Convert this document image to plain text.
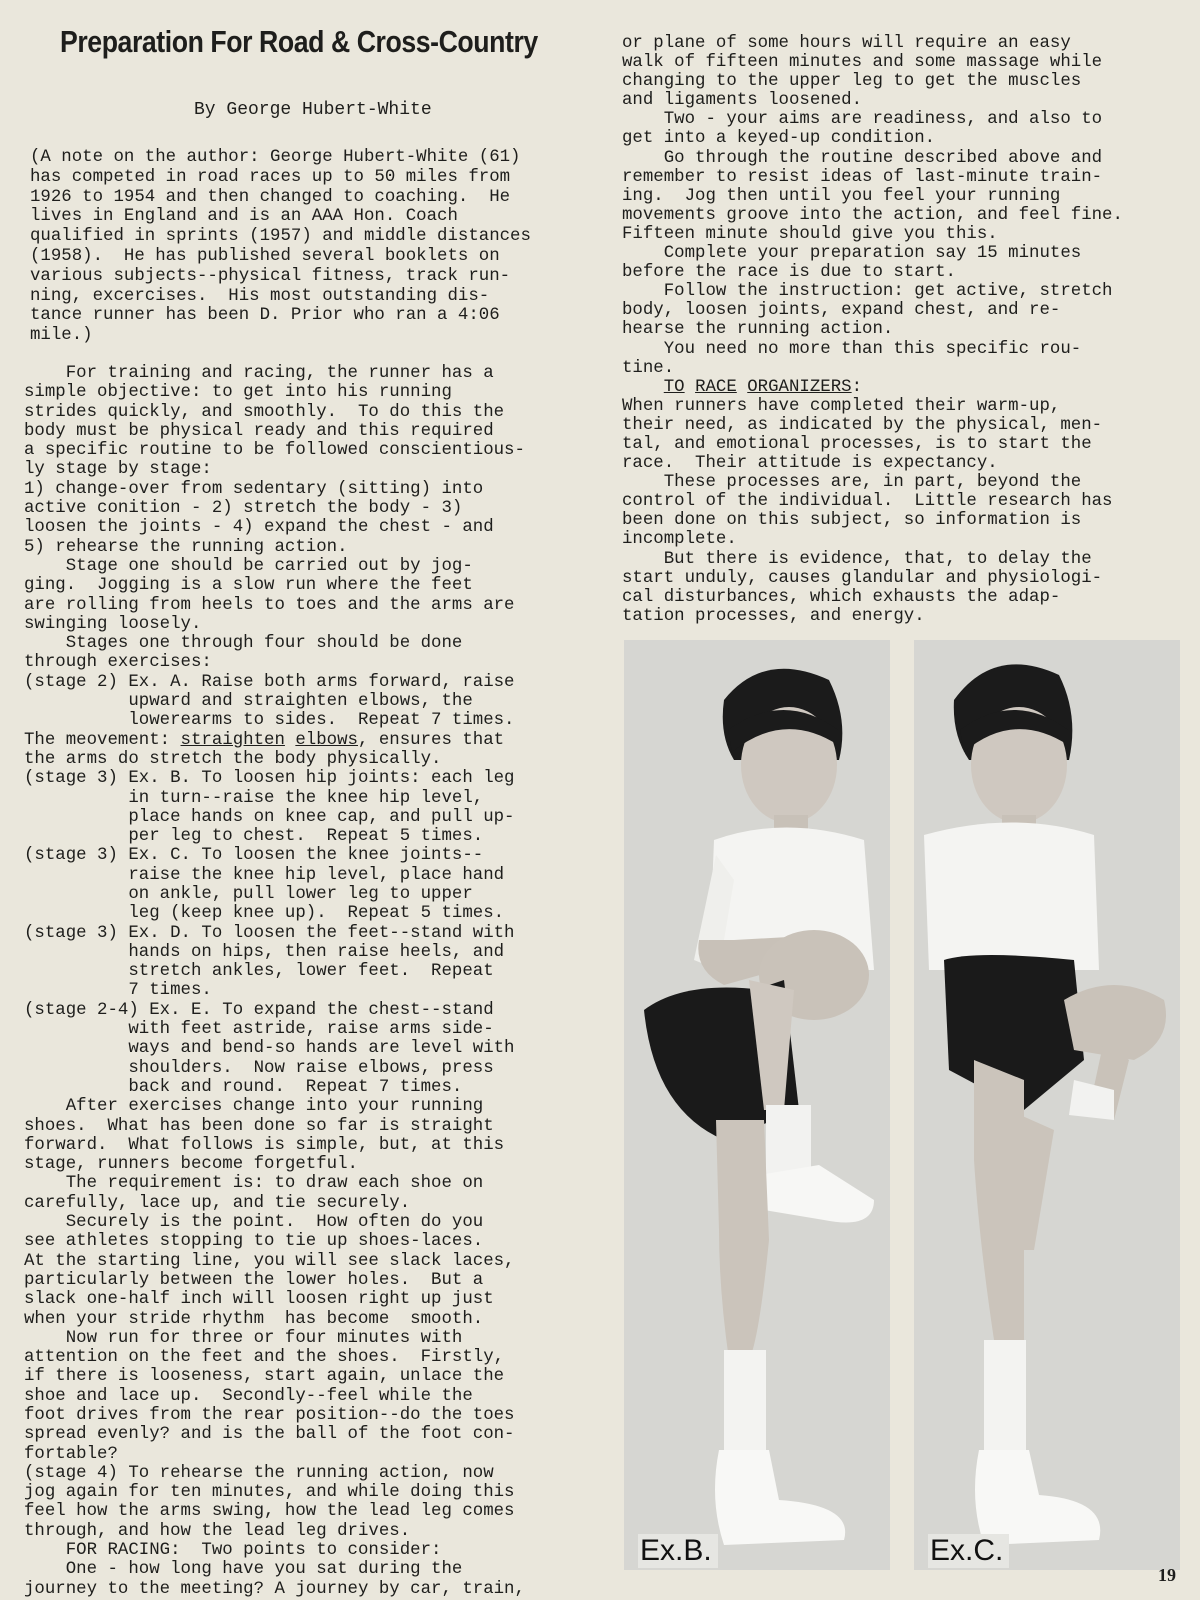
Preparation For Road & Cross-Country
By George Hubert-White
(A note on the author: George Hubert-White (61)
has competed in road races up to 50 miles from
1926 to 1954 and then changed to coaching.  He
lives in England and is an AAA Hon. Coach
qualified in sprints (1957) and middle distances
(1958).  He has published several booklets on
various subjects--physical fitness, track run-
ning, excercises.  His most outstanding dis-
tance runner has been D. Prior who ran a 4:06
mile.)
For training and racing, the runner has a
simple objective: to get into his running
strides quickly, and smoothly.  To do this the
body must be physical ready and this required
a specific routine to be followed conscientious-
ly stage by stage:
1) change-over from sedentary (sitting) into
active conition - 2) stretch the body - 3)
loosen the joints - 4) expand the chest - and
5) rehearse the running action.
Stage one should be carried out by jog-
ging.  Jogging is a slow run where the feet
are rolling from heels to toes and the arms are
swinging loosely.
Stages one through four should be done
through exercises:
(stage 2) Ex. A. Raise both arms forward, raise
upward and straighten elbows, the
lowerearms to sides.  Repeat 7 times.
The meovement: straighten elbows, ensures that
the arms do stretch the body physically.
(stage 3) Ex. B. To loosen hip joints: each leg
in turn--raise the knee hip level,
place hands on knee cap, and pull up-
per leg to chest.  Repeat 5 times.
(stage 3) Ex. C. To loosen the knee joints--
raise the knee hip level, place hand
on ankle, pull lower leg to upper
leg (keep knee up).  Repeat 5 times.
(stage 3) Ex. D. To loosen the feet--stand with
hands on hips, then raise heels, and
stretch ankles, lower feet.  Repeat
7 times.
(stage 2-4) Ex. E. To expand the chest--stand
with feet astride, raise arms side-
ways and bend-so hands are level with
shoulders.  Now raise elbows, press
back and round.  Repeat 7 times.
After exercises change into your running
shoes.  What has been done so far is straight
forward.  What follows is simple, but, at this
stage, runners become forgetful.
The requirement is: to draw each shoe on
carefully, lace up, and tie securely.
Securely is the point.  How often do you
see athletes stopping to tie up shoes-laces.
At the starting line, you will see slack laces,
particularly between the lower holes.  But a
slack one-half inch will loosen right up just
when your stride rhythm  has become  smooth.
Now run for three or four minutes with
attention on the feet and the shoes.  Firstly,
if there is looseness, start again, unlace the
shoe and lace up.  Secondly--feel while the
foot drives from the rear position--do the toes
spread evenly? and is the ball of the foot con-
fortable?
(stage 4) To rehearse the running action, now
jog again for ten minutes, and while doing this
feel how the arms swing, how the lead leg comes
through, and how the lead leg drives.
FOR RACING:  Two points to consider:
One - how long have you sat during the
journey to the meeting? A journey by car, train,
or plane of some hours will require an easy
walk of fifteen minutes and some massage while
changing to the upper leg to get the muscles
and ligaments loosened.
Two - your aims are readiness, and also to
get into a keyed-up condition.
Go through the routine described above and
remember to resist ideas of last-minute train-
ing.  Jog then until you feel your running
movements groove into the action, and feel fine.
Fifteen minute should give you this.
Complete your preparation say 15 minutes
before the race is due to start.
Follow the instruction: get active, stretch
body, loosen joints, expand chest, and re-
hearse the running action.
You need no more than this specific rou-
tine.
TO RACE ORGANIZERS:
When runners have completed their warm-up,
their need, as indicated by the physical, men-
tal, and emotional processes, is to start the
race.  Their attitude is expectancy.
These processes are, in part, beyond the
control of the individual.  Little research has
been done on this subject, so information is
incomplete.
But there is evidence, that, to delay the
start unduly, causes glandular and physiologi-
cal disturbances, which exhausts the adap-
tation processes, and energy.
Ex.B.	Ex.C.
19
